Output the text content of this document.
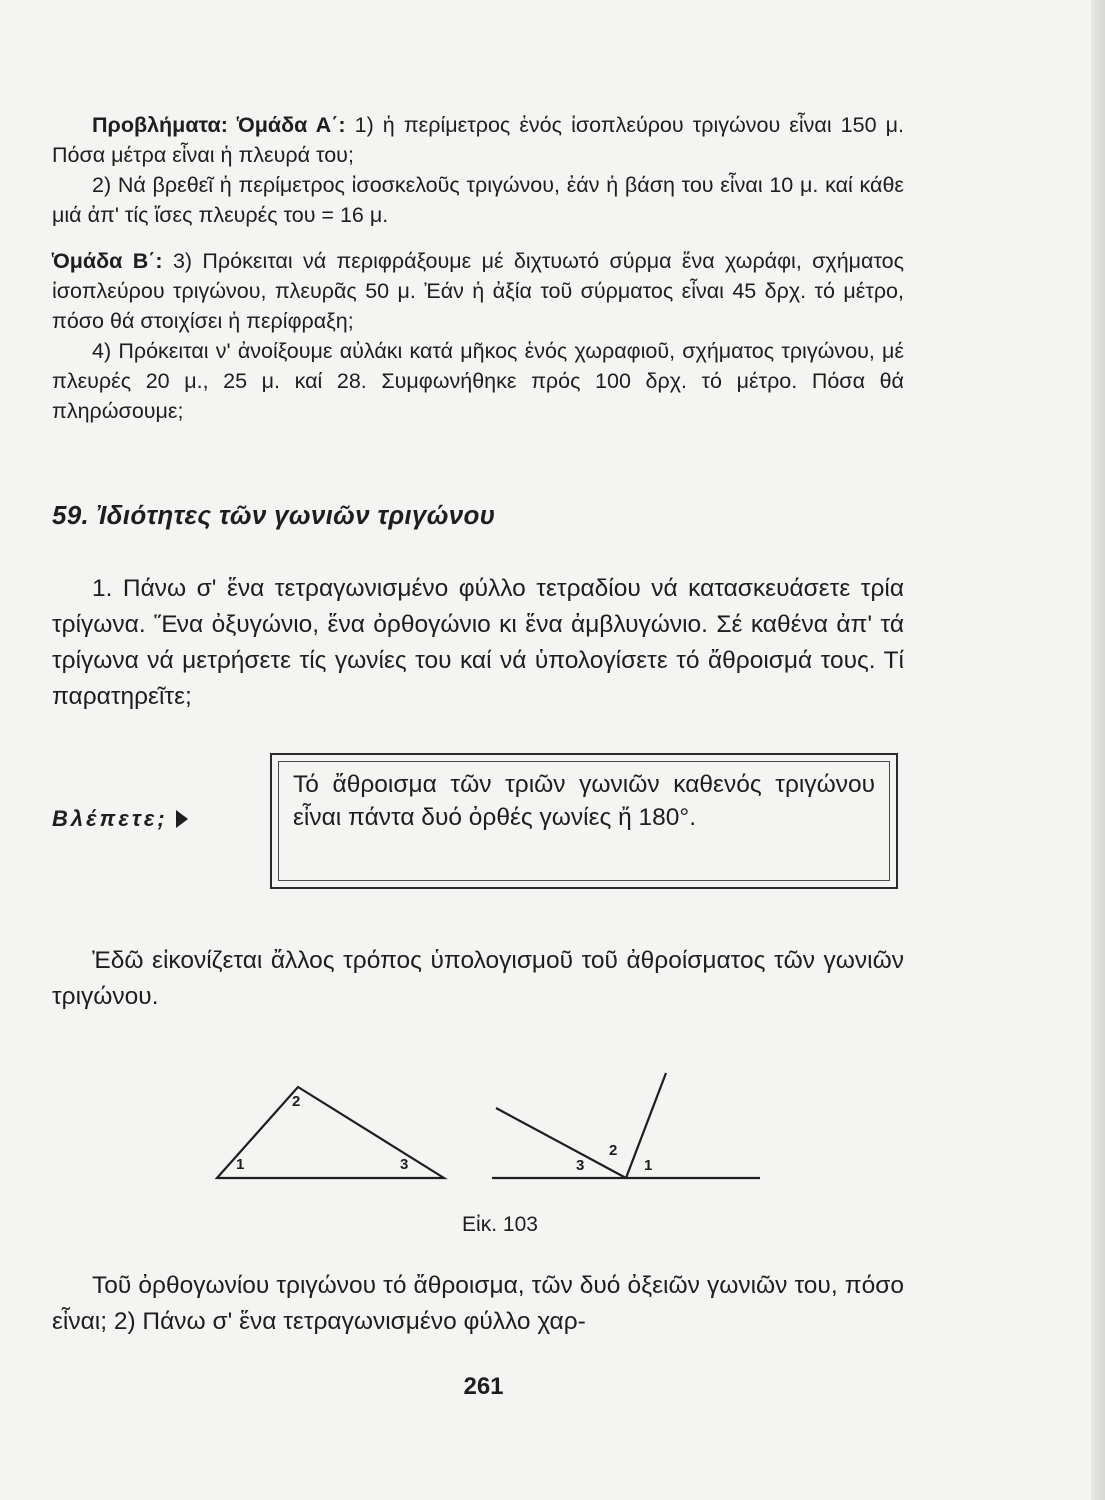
Προβλήματα: Ὁμάδα Α΄: 1) ἡ περίμετρος ἑνός ἰσοπλεύρου τριγώνου εἶναι 150 μ. Πόσα μέτρα εἶναι ἡ πλευρά του;

2) Νά βρεθεῖ ἡ περίμετρος ἰσοσκελοῦς τριγώνου, ἐάν ἡ βάση του εἶναι 10 μ. καί κάθε μιά ἀπ' τίς ἴσες πλευρές του = 16 μ.

Ὁμάδα Β΄: 3) Πρόκειται νά περιφράξουμε μέ διχτυωτό σύρμα ἕνα χωράφι, σχήματος ἰσοπλεύρου τριγώνου, πλευρᾶς 50 μ. Ἐάν ἡ ἀξία τοῦ σύρματος εἶναι 45 δρχ. τό μέτρο, πόσο θά στοιχίσει ἡ περίφραξη;

4) Πρόκειται ν' ἀνοίξουμε αὐλάκι κατά μῆκος ἑνός χωραφιοῦ, σχήματος τριγώνου, μέ πλευρές 20 μ., 25 μ. καί 28. Συμφωνήθηκε πρός 100 δρχ. τό μέτρο. Πόσα θά πληρώσουμε;

59. Ἰδιότητες τῶν γωνιῶν τριγώνου

1. Πάνω σ' ἕνα τετραγωνισμένο φύλλο τετραδίου νά κατασκευάσετε τρία τρίγωνα. Ἕνα ὀξυγώνιο, ἕνα ὀρθογώνιο κι ἕνα ἀμβλυγώνιο. Σέ καθένα ἀπ' τά τρίγωνα νά μετρήσετε τίς γωνίες του καί νά ὑπολογίσετε τό ἄθροισμά τους. Τί παρατηρεῖτε;

Βλέπετε;
Τό ἄθροισμα τῶν τριῶν γωνιῶν καθενός τριγώνου εἶναι πάντα δυό ὀρθές γωνίες ἤ 180°.

Ἐδῶ εἰκονίζεται ἄλλος τρόπος ὑπολογισμοῦ τοῦ ἀθροίσματος τῶν γωνιῶν τριγώνου.

2
1	3
2
3	1
Εἰκ. 103

Τοῦ ὀρθογωνίου τριγώνου τό ἄθροισμα, τῶν δυό ὀξειῶν γωνιῶν του, πόσο εἶναι; 2) Πάνω σ' ἕνα τετραγωνισμένο φύλλο χαρ-

261
